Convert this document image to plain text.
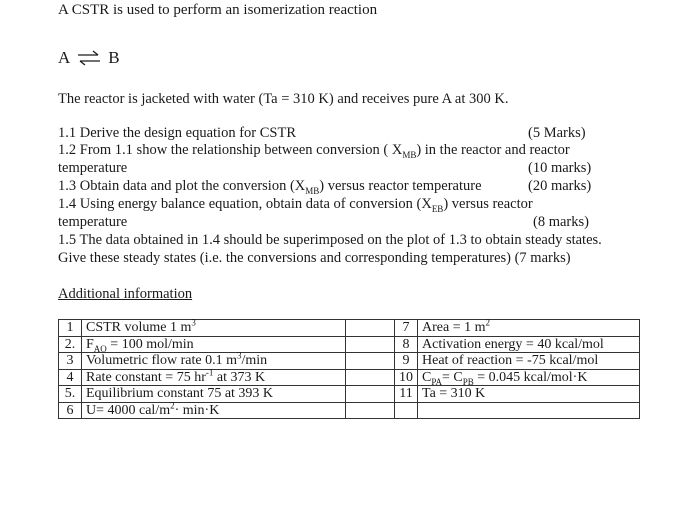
A CSTR is used to perform an isomerization reaction
A ⇌ B
The reactor is jacketed with water (Ta = 310 K) and receives pure A at 300 K.
1.1 Derive the design equation for CSTR	(5 Marks)
1.2 From 1.1 show the relationship between conversion ( $X_{MB}$) in the reactor and reactor
temperature	(10 marks)
1.3 Obtain data and plot the conversion $(X_{MB})$ versus reactor temperature	(20 marks)
1.4 Using energy balance equation, obtain data of conversion $(X_{EB})$ versus reactor
temperature	(8 marks)
1.5 The data obtained in 1.4 should be superimposed on the plot of 1.3 to obtain steady states.
Give these steady states (i.e. the conversions and corresponding temperatures) (7 marks)
Additional information
1	CSTR volume 1 $m^3$		7	Area = 1 $m^2$
2.	$F_{AO} = 100$ mol/min		8	Activation energy = 40 kcal/mol
3	Volumetric flow rate 0.1 $m^3/\min$		9	Heat of reaction = -75 kcal/mol
4	Rate constant = 75 $hr^{-1}$ at 373 K		10	$C_{PA}= C_{PB} = 0.045$ kcal/mol·K
5.	Equilibrium constant 75 at 393 K		11	Ta = 310 K
6	U= 4000 cal/$m^2\cdot \min\cdot K$			
